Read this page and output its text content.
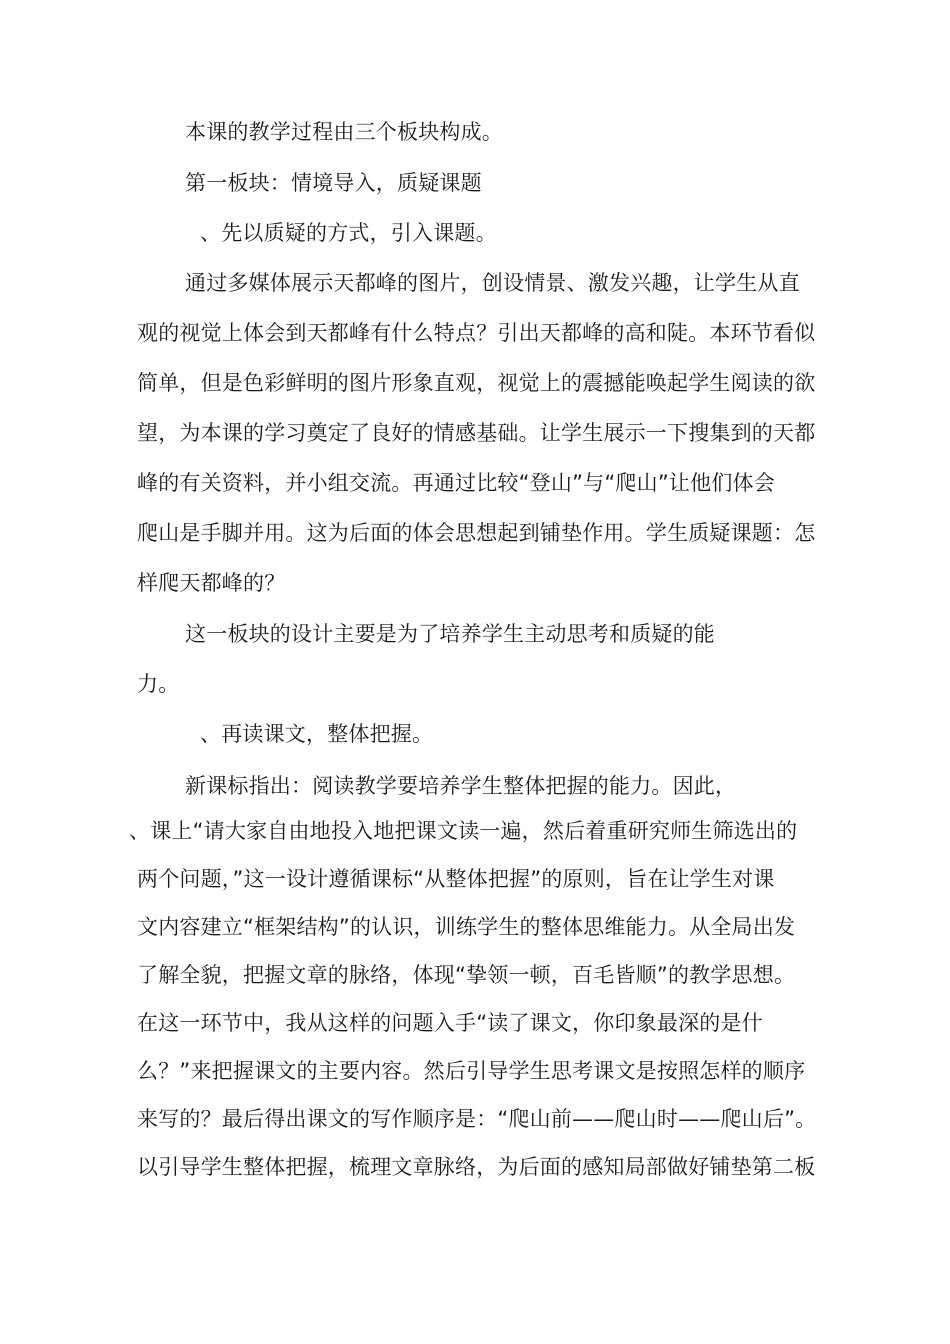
本课的教学过程由三个板块构成。
第一板块：情境导入，质疑课题
、先以质疑的方式，引入课题。
通过多媒体展示天都峰的图片，创设情景、激发兴趣，让学生从直
观的视觉上体会到天都峰有什么特点？引出天都峰的高和陡。本环节看似
简单，但是色彩鲜明的图片形象直观，视觉上的震撼能唤起学生阅读的欲
望，为本课的学习奠定了良好的情感基础。让学生展示一下搜集到的天都
峰的有关资料，并小组交流。再通过比较“登山”与“爬山”让他们体会
爬山是手脚并用。这为后面的体会思想起到铺垫作用。学生质疑课题：怎
样爬天都峰的？
这一板块的设计主要是为了培养学生主动思考和质疑的能
力。
、再读课文，整体把握。
新课标指出：阅读教学要培养学生整体把握的能力。因此，
、课上“请大家自由地投入地把课文读一遍，然后着重研究师生筛选出的
两个问题，”这一设计遵循课标“从整体把握”的原则，旨在让学生对课
文内容建立“框架结构”的认识，训练学生的整体思维能力。从全局出发
了解全貌，把握文章的脉络，体现“挚领一顿，百毛皆顺”的教学思想。
在这一环节中，我从这样的问题入手“读了课文，你印象最深的是什
么？”来把握课文的主要内容。然后引导学生思考课文是按照怎样的顺序
来写的？最后得出课文的写作顺序是：“爬山前——爬山时——爬山后”。
以引导学生整体把握，梳理文章脉络，为后面的感知局部做好铺垫第二板
